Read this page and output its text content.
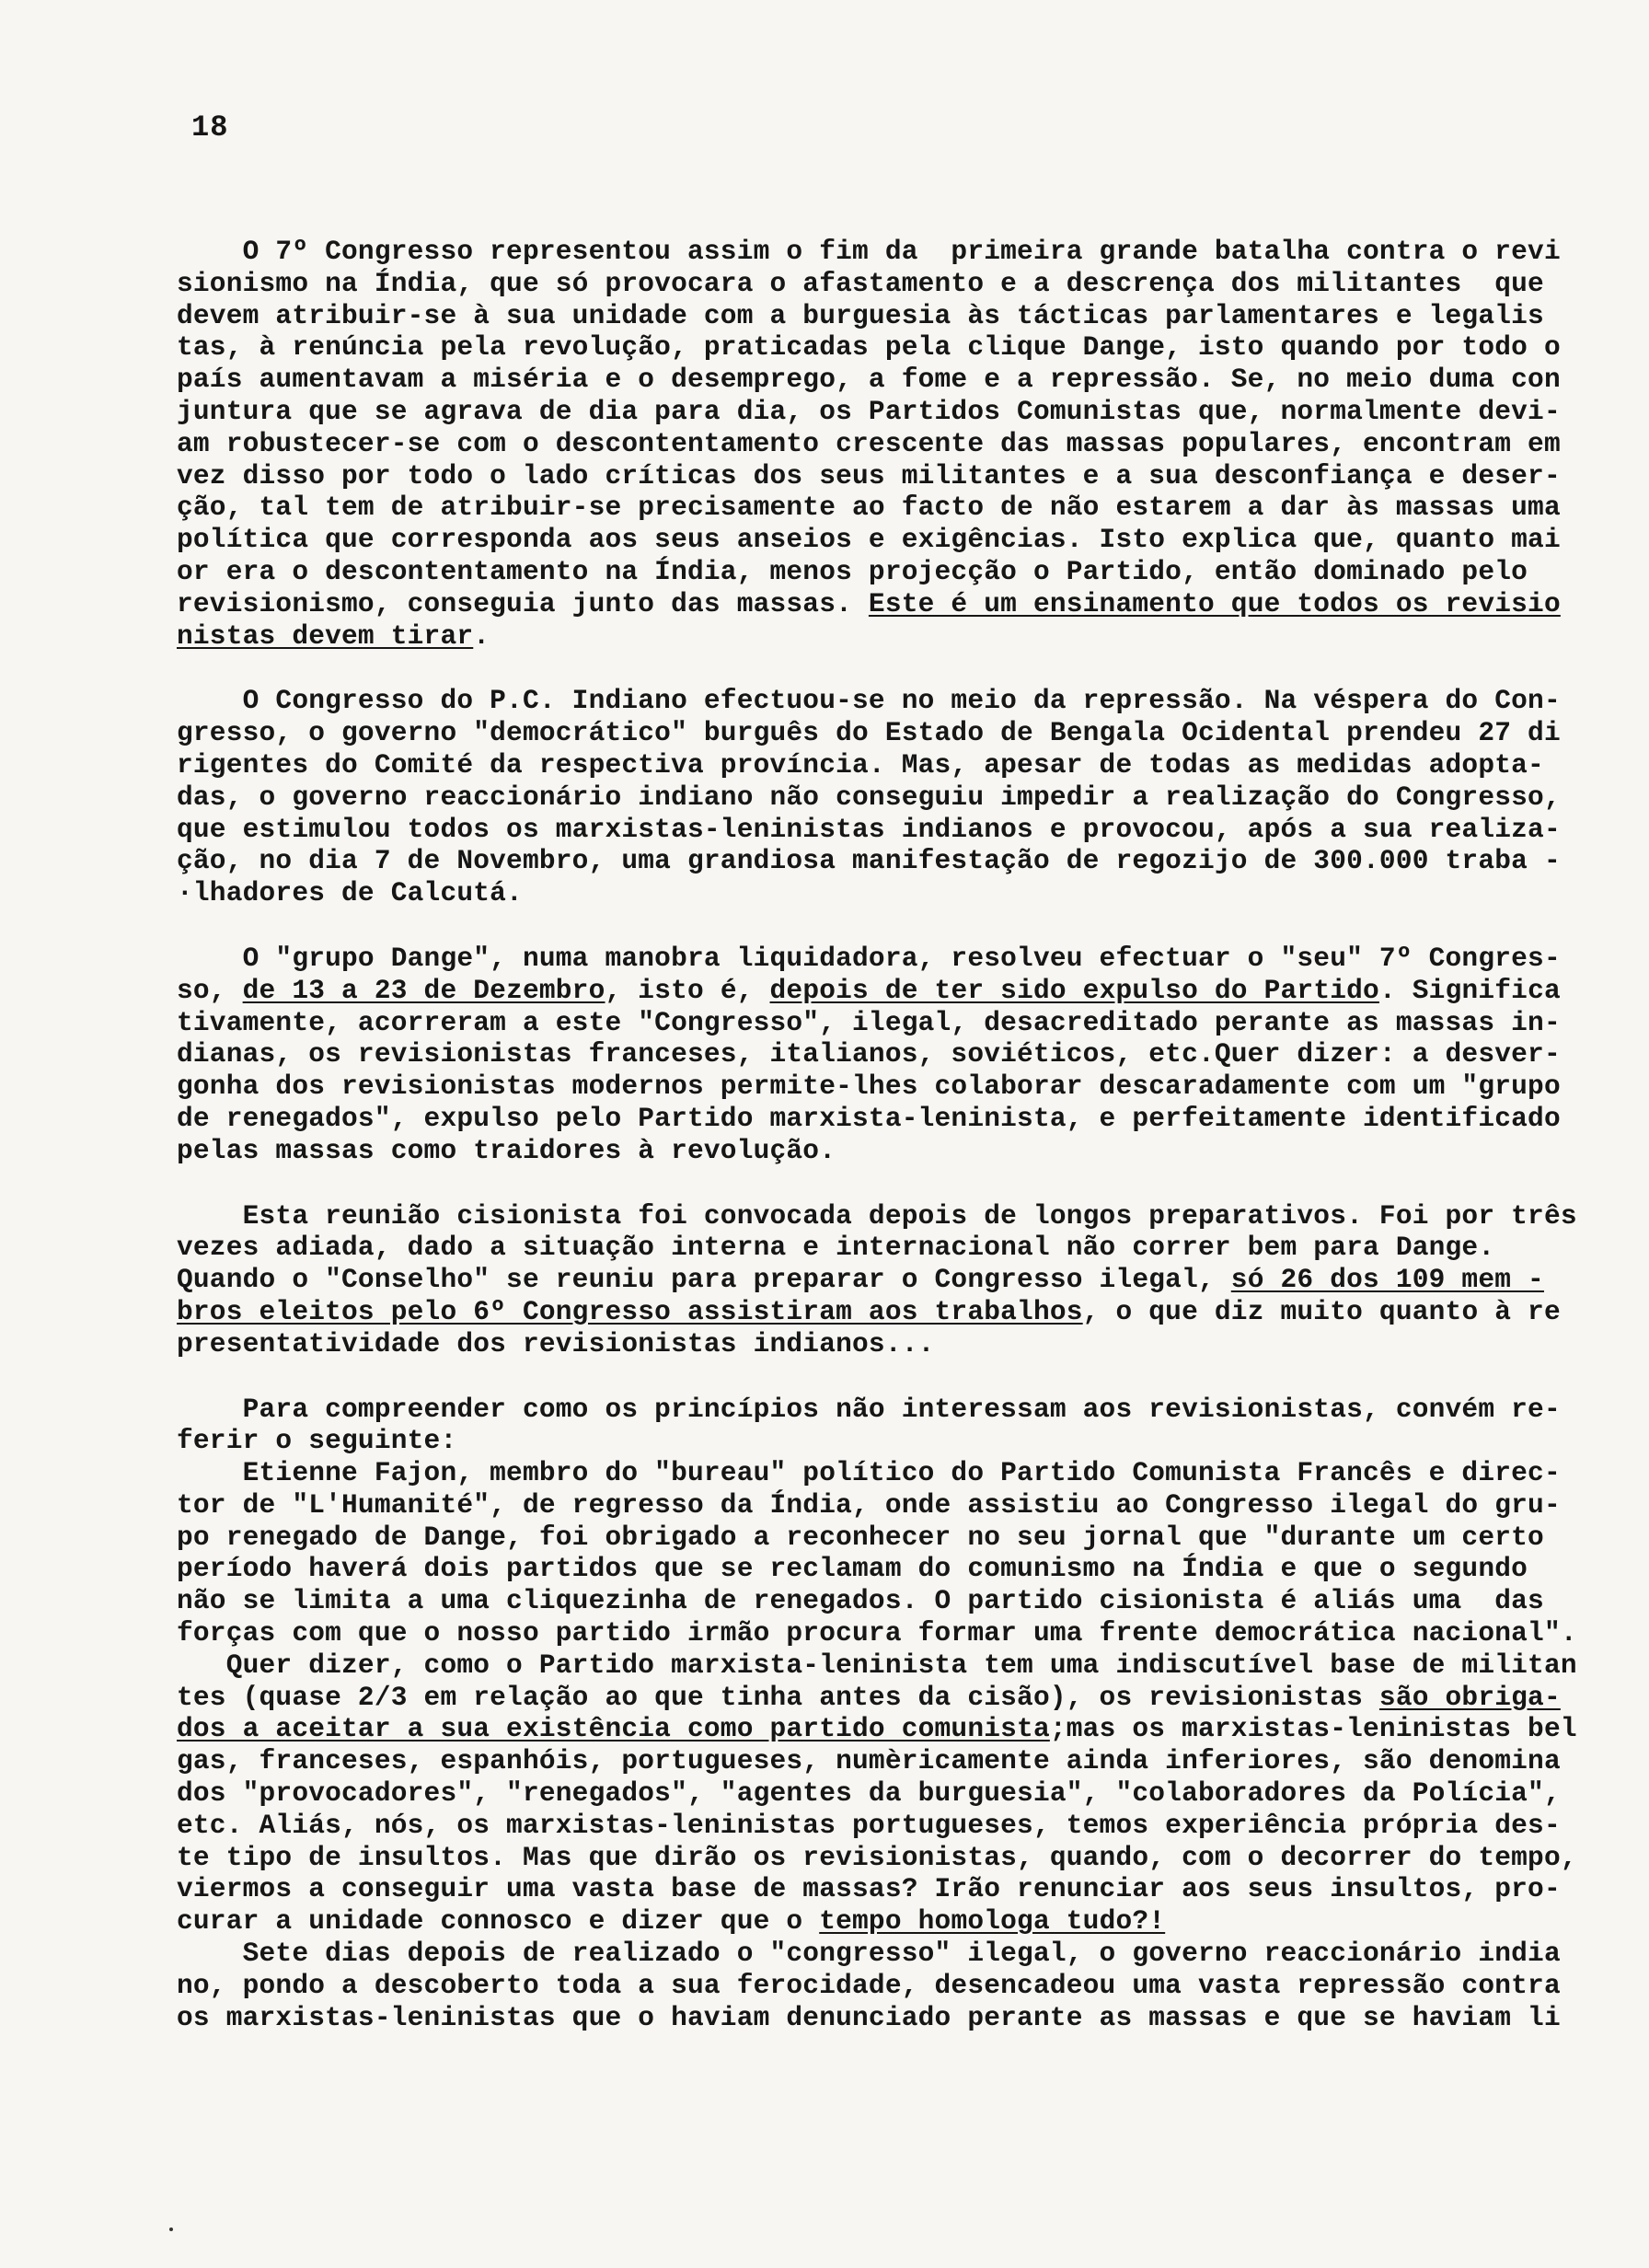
18
O 7º Congresso representou assim o fim da  primeira grande batalha contra o revi
sionismo na Índia, que só provocara o afastamento e a descrença dos militantes  que
devem atribuir-se à sua unidade com a burguesia às tácticas parlamentares e legalis
tas, à renúncia pela revolução, praticadas pela clique Dange, isto quando por todo o
país aumentavam a miséria e o desemprego, a fome e a repressão. Se, no meio duma con
juntura que se agrava de dia para dia, os Partidos Comunistas que, normalmente devi-
am robustecer-se com o descontentamento crescente das massas populares, encontram em
vez disso por todo o lado críticas dos seus militantes e a sua desconfiança e deser-
ção, tal tem de atribuir-se precisamente ao facto de não estarem a dar às massas uma
política que corresponda aos seus anseios e exigências. Isto explica que, quanto mai
or era o descontentamento na Índia, menos projecção o Partido, então dominado pelo
revisionismo, conseguia junto das massas. Este é um ensinamento que todos os revisio
nistas devem tirar.
O Congresso do P.C. Indiano efectuou-se no meio da repressão. Na véspera do Con-
gresso, o governo "democrático" burguês do Estado de Bengala Ocidental prendeu 27 di
rigentes do Comité da respectiva província. Mas, apesar de todas as medidas adopta-
das, o governo reaccionário indiano não conseguiu impedir a realização do Congresso,
que estimulou todos os marxistas-leninistas indianos e provocou, após a sua realiza-
ção, no dia 7 de Novembro, uma grandiosa manifestação de regozijo de 300.000 traba -
·lhadores de Calcutá.
O "grupo Dange", numa manobra liquidadora, resolveu efectuar o "seu" 7º Congres-
so, de 13 a 23 de Dezembro, isto é, depois de ter sido expulso do Partido. Significa
tivamente, acorreram a este "Congresso", ilegal, desacreditado perante as massas in-
dianas, os revisionistas franceses, italianos, soviéticos, etc.Quer dizer: a desver-
gonha dos revisionistas modernos permite-lhes colaborar descaradamente com um "grupo
de renegados", expulso pelo Partido marxista-leninista, e perfeitamente identificado
pelas massas como traidores à revolução.
Esta reunião cisionista foi convocada depois de longos preparativos. Foi por três
vezes adiada, dado a situação interna e internacional não correr bem para Dange.
Quando o "Conselho" se reuniu para preparar o Congresso ilegal, só 26 dos 109 mem -
bros eleitos pelo 6º Congresso assistiram aos trabalhos, o que diz muito quanto à re
presentatividade dos revisionistas indianos...
Para compreender como os princípios não interessam aos revisionistas, convém re-
ferir o seguinte:
Etienne Fajon, membro do "bureau" político do Partido Comunista Francês e direc-
tor de "L'Humanité", de regresso da Índia, onde assistiu ao Congresso ilegal do gru-
po renegado de Dange, foi obrigado a reconhecer no seu jornal que "durante um certo
período haverá dois partidos que se reclamam do comunismo na Índia e que o segundo
não se limita a uma cliquezinha de renegados. O partido cisionista é aliás uma  das
forças com que o nosso partido irmão procura formar uma frente democrática nacional".
Quer dizer, como o Partido marxista-leninista tem uma indiscutível base de militan
tes (quase 2/3 em relação ao que tinha antes da cisão), os revisionistas são obriga-
dos a aceitar a sua existência como partido comunista;mas os marxistas-leninistas bel
gas, franceses, espanhóis, portugueses, numèricamente ainda inferiores, são denomina
dos "provocadores", "renegados", "agentes da burguesia", "colaboradores da Polícia",
etc. Aliás, nós, os marxistas-leninistas portugueses, temos experiência própria des-
te tipo de insultos. Mas que dirão os revisionistas, quando, com o decorrer do tempo,
viermos a conseguir uma vasta base de massas? Irão renunciar aos seus insultos, pro-
curar a unidade connosco e dizer que o tempo homologa tudo?!
Sete dias depois de realizado o "congresso" ilegal, o governo reaccionário india
no, pondo a descoberto toda a sua ferocidade, desencadeou uma vasta repressão contra
os marxistas-leninistas que o haviam denunciado perante as massas e que se haviam li
